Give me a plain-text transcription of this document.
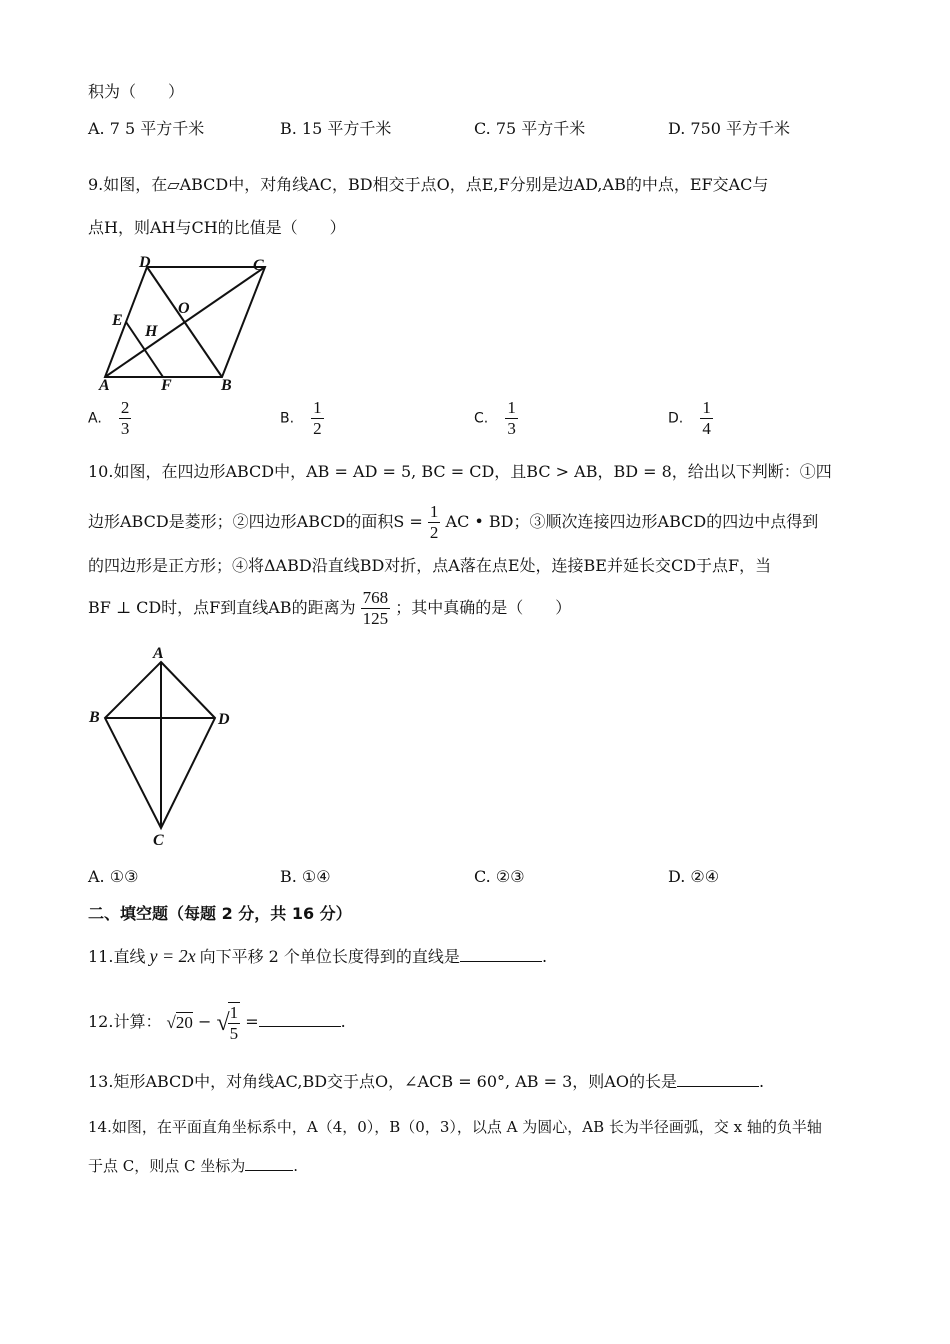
积为（　　）
A. 7 5 平方千米	B. 15 平方千米	C. 75 平方千米	D. 750 平方千米
9.如图，在▱ABCD中，对角线AC，BD相交于点O，点E,F分别是边AD,AB的中点，EF交AC与
点H，则AH与CH的比值是（　　）
D	C
E
H
O
A	F	B
A. $\frac{2}{3}$	B. $\frac{1}{2}$	C. $\frac{1}{3}$	D. $\frac{1}{4}$
10.如图，在四边形ABCD中，AB = AD = 5, BC = CD，且BC > AB，BD = 8，给出以下判断：①四
边形ABCD是菱形；②四边形ABCD的面积$S = \frac{1}{2}$ AC • BD；③顺次连接四边形ABCD的四边中点得到
的四边形是正方形；④将ΔABD沿直线BD对折，点A落在点E处，连接BE并延长交CD于点F，当
BF ⊥ CD时，点F到直线AB的距离为 $\frac{768}{125}$ ；其中真确的是（　　）
A
B	D
C
A. ①③	B. ①④	C. ②③	D. ②④
二、填空题（每题 2 分，共 16 分）
11.直线 y = 2x 向下平移 2 个单位长度得到的直线是	.
12.计算： √20 − √
$\frac{1}{5}$ =	.
13.矩形ABCD中，对角线AC,BD交于点O，∠ACB = 60°, AB = 3，则AO的长是	.
14.如图，在平面直角坐标系中，A（4，0），B（0，3），以点 A 为圆心，AB 长为半径画弧，交 x 轴的负半轴
于点 C，则点 C 坐标为	.
